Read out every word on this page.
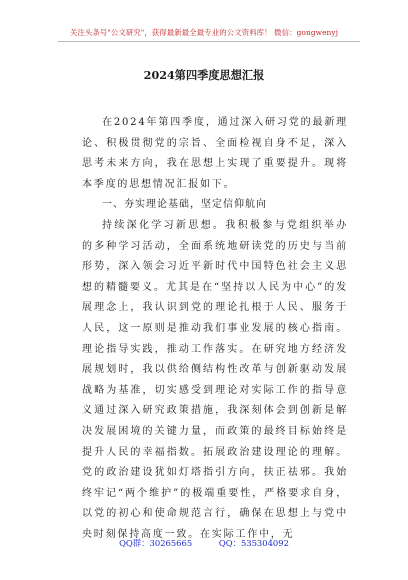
关注头条号"公文研究"，获得最新最全最专业的公文资料库！ 微信：gongwenyj
2024第四季度思想汇报

在2024年第四季度，通过深入研习党的最新理论、积极贯彻党的宗旨、全面检视自身不足，深入思考未来方向，我在思想上实现了重要提升。现将本季度的思想情况汇报如下。

一、夯实理论基础，坚定信仰航向

持续深化学习新思想。我积极参与党组织举办的多种学习活动，全面系统地研读党的历史与当前形势，深入领会习近平新时代中国特色社会主义思想的精髓要义。尤其是在“坚持以人民为中心”的发展理念上，我认识到党的理论扎根于人民、服务于人民，这一原则是推动我们事业发展的核心指南。理论指导实践，推动工作落实。在研究地方经济发展规划时，我以供给侧结构性改革与创新驱动发展战略为基准，切实感受到理论对实际工作的指导意义通过深入研究政策措施，我深刻体会到创新是解决发展困境的关键力量，而政策的最终目标始终是提升人民的幸福指数。拓展政治建设理论的理解。党的政治建设犹如灯塔指引方向，扶正祛邪。我始终牢记“两个维护”的极端重要性，严格要求自身，以党的初心和使命规范言行，确保在思想上与党中央时刻保持高度一致。在实际工作中，无

QQ群：30265665	QQ：535304092
